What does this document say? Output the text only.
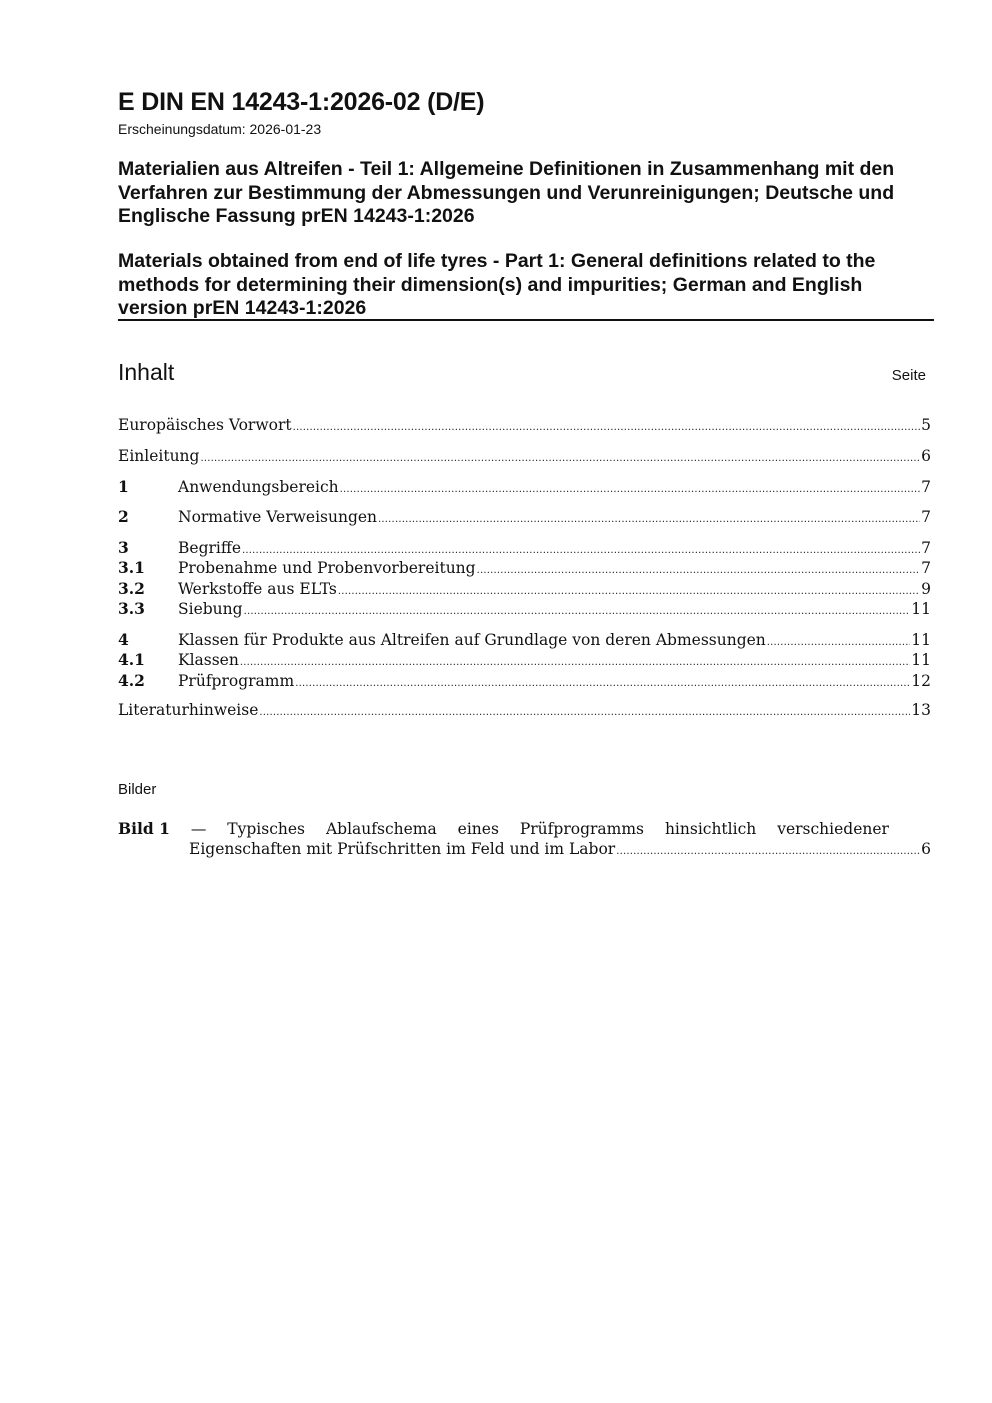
E DIN EN 14243-1:2026-02 (D/E)
Erscheinungsdatum: 2026-01-23
Materialien aus Altreifen - Teil 1: Allgemeine Definitionen in Zusammenhang mit den Verfahren zur Bestimmung der Abmessungen und Verunreinigungen; Deutsche und Englische Fassung prEN 14243-1:2026
Materials obtained from end of life tyres - Part 1: General definitions related to the methods for determining their dimension(s) and impurities; German and English version prEN 14243-1:2026
Inhalt	Seite
Europäisches Vorwort .....	5
Einleitung .....	6
1	Anwendungsbereich .....	7
2	Normative Verweisungen .....	7
3	Begriffe .....	7
3.1	Probenahme und Probenvorbereitung .....	7
3.2	Werkstoffe aus ELTs .....	9
3.3	Siebung .....	11
4	Klassen für Produkte aus Altreifen auf Grundlage von deren Abmessungen .....	11
4.1	Klassen .....	11
4.2	Prüfprogramm .....	12
Literaturhinweise .....	13
Bilder
Bild 1 — Typisches Ablaufschema eines Prüfprogramms hinsichtlich verschiedener
Eigenschaften mit Prüfschritten im Feld und im Labor .....	6
